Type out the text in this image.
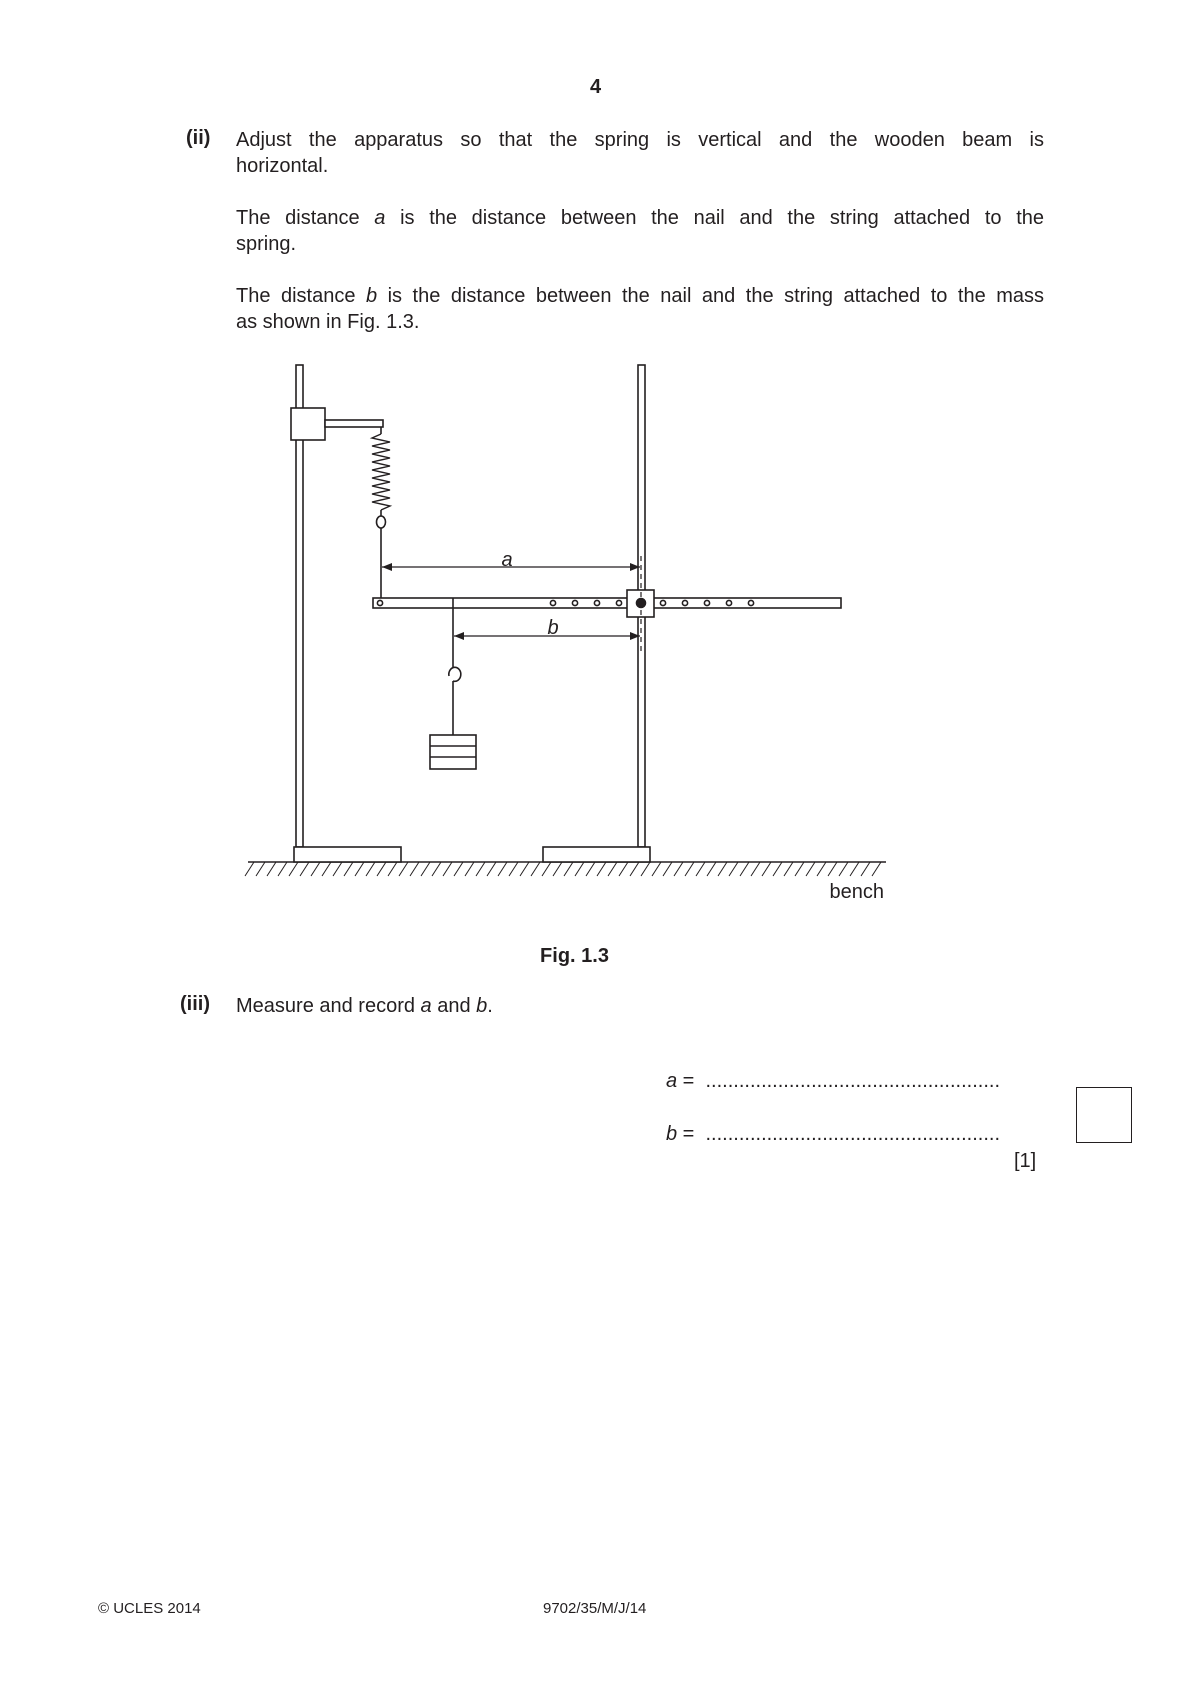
4
(ii) Adjust the apparatus so that the spring is vertical and the wooden beam is
horizontal.
The distance a is the distance between the nail and the string attached to the
spring.
The distance b is the distance between the nail and the string attached to the mass
as shown in Fig. 1.3.
a
b
bench
Fig. 1.3
(iii) Measure and record a and b.
a = .....................................................
b = .....................................................
[1]
© UCLES 2014	9702/35/M/J/14
